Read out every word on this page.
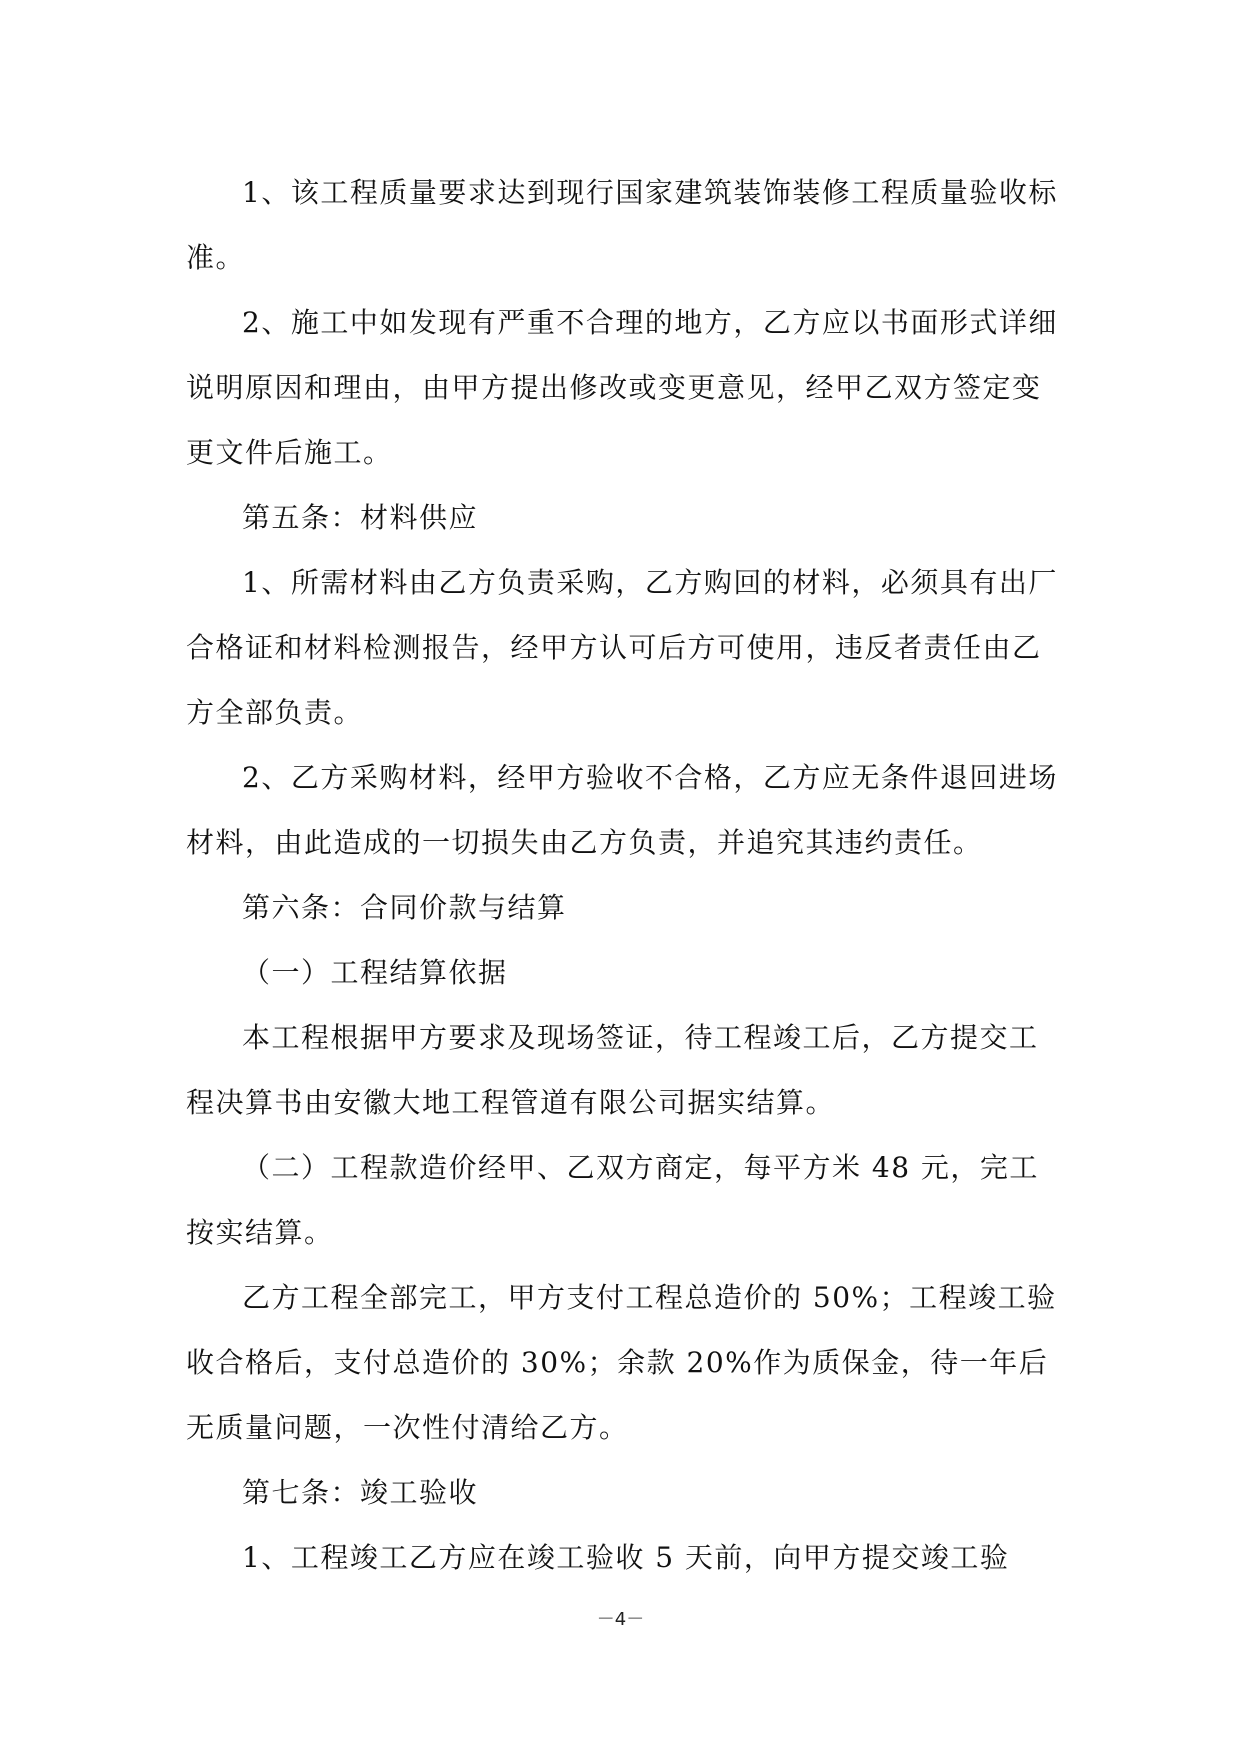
1、该工程质量要求达到现行国家建筑装饰装修工程质量验收标准。

2、施工中如发现有严重不合理的地方，乙方应以书面形式详细说明原因和理由，由甲方提出修改或变更意见，经甲乙双方签定变更文件后施工。

第五条：材料供应

1、所需材料由乙方负责采购，乙方购回的材料，必须具有出厂合格证和材料检测报告，经甲方认可后方可使用，违反者责任由乙方全部负责。

2、乙方采购材料，经甲方验收不合格，乙方应无条件退回进场材料，由此造成的一切损失由乙方负责，并追究其违约责任。

第六条：合同价款与结算

（一）工程结算依据

本工程根据甲方要求及现场签证，待工程竣工后，乙方提交工程决算书由安徽大地工程管道有限公司据实结算。

（二）工程款造价经甲、乙双方商定，每平方米 48 元，完工按实结算。

乙方工程全部完工，甲方支付工程总造价的 50%；工程竣工验收合格后，支付总造价的 30%；余款 20%作为质保金，待一年后无质量问题，一次性付清给乙方。

第七条：竣工验收

1、工程竣工乙方应在竣工验收 5 天前，向甲方提交竣工验

－4－
